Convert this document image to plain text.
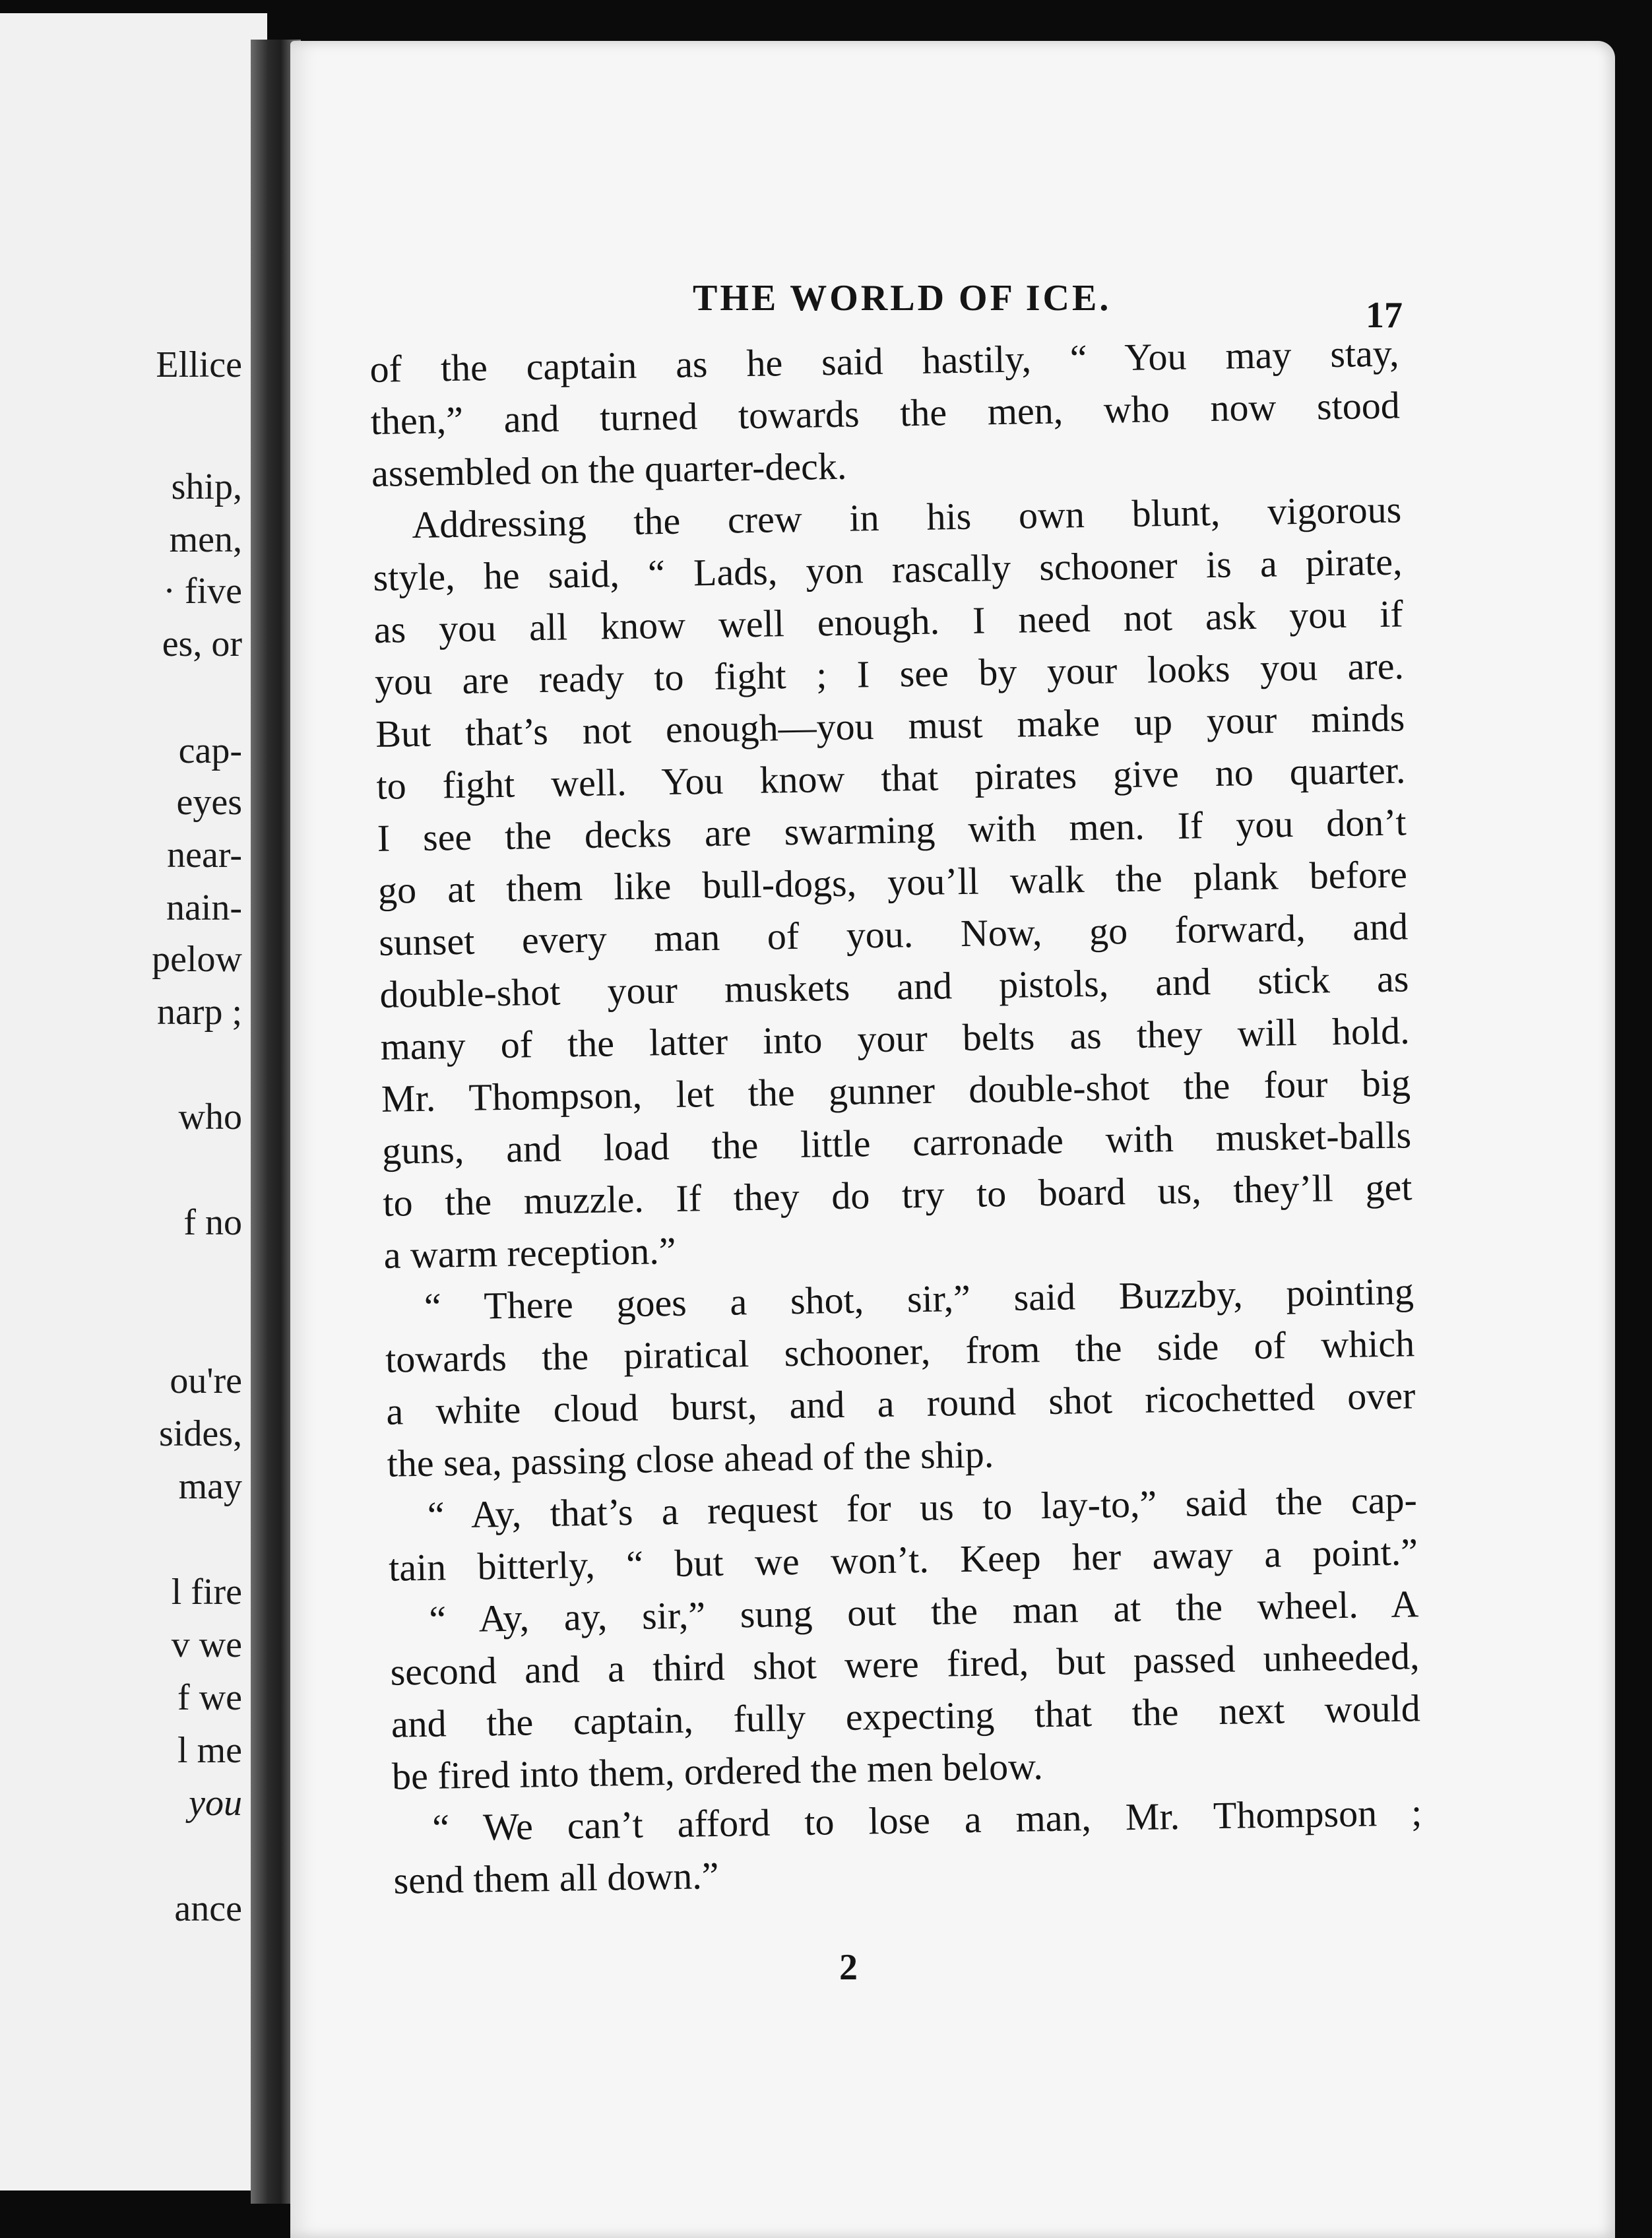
Ellice
ship,
men,
· five
es, or
cap-
eyes
near-
nain-
pelow
narp ;
who
f no
ou're
sides,
may
l fire
v we
f we
l me
you
ance
THE WORLD OF ICE.	17
of the captain as he said hastily, “ You may stay,
then,” and turned towards the men, who now stood
assembled on the quarter-deck.
Addressing the crew in his own blunt, vigorous
style, he said, “ Lads, yon rascally schooner is a pirate,
as you all know well enough. I need not ask you if
you are ready to fight ; I see by your looks you are.
But that’s not enough—you must make up your minds
to fight well. You know that pirates give no quarter.
I see the decks are swarming with men. If you don’t
go at them like bull-dogs, you’ll walk the plank before
sunset every man of you. Now, go forward, and
double-shot your muskets and pistols, and stick as
many of the latter into your belts as they will hold.
Mr. Thompson, let the gunner double-shot the four big
guns, and load the little carronade with musket-balls
to the muzzle. If they do try to board us, they’ll get
a warm reception.”
“ There goes a shot, sir,” said Buzzby, pointing
towards the piratical schooner, from the side of which
a white cloud burst, and a round shot ricochetted over
the sea, passing close ahead of the ship.
“ Ay, that’s a request for us to lay-to,” said the cap-
tain bitterly, “ but we won’t. Keep her away a point.”
“ Ay, ay, sir,” sung out the man at the wheel. A
second and a third shot were fired, but passed unheeded,
and the captain, fully expecting that the next would
be fired into them, ordered the men below.
“ We can’t afford to lose a man, Mr. Thompson ;
send them all down.”
2
